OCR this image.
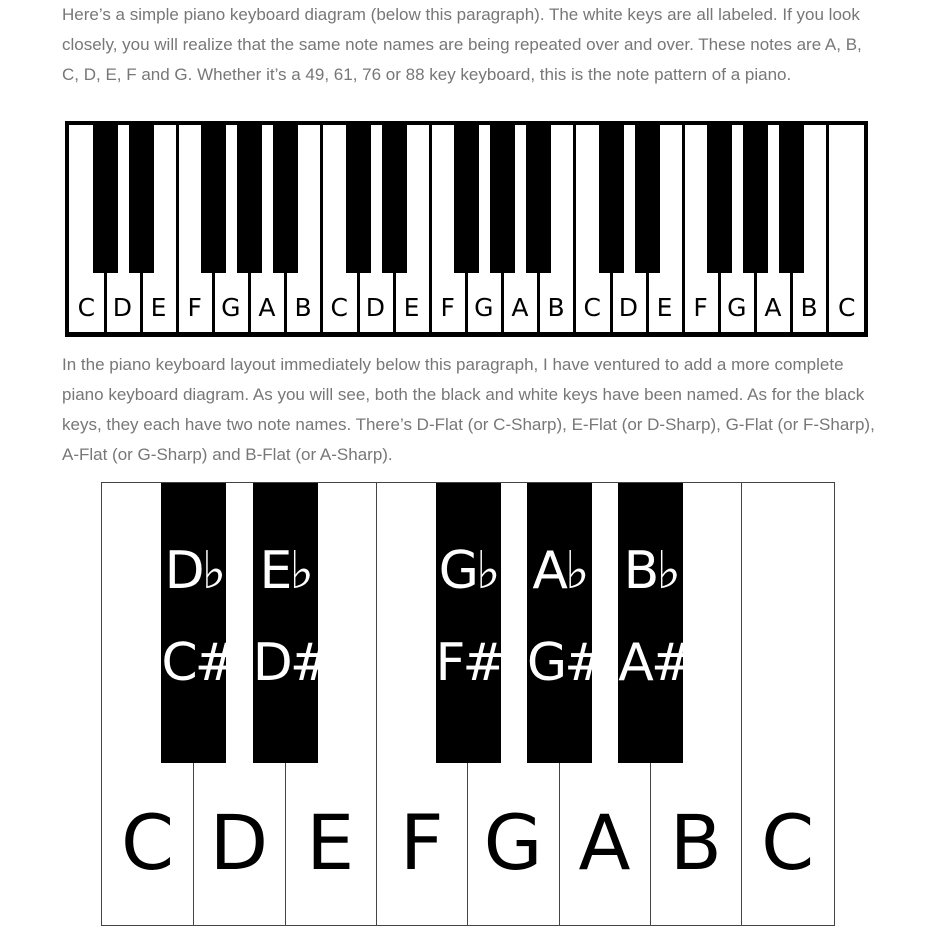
Here’s a simple piano keyboard diagram (below this paragraph). The white keys are all labeled. If you look closely, you will realize that the same note names are being repeated over and over. These notes are A, B, C, D, E, F and G. Whether it’s a 49, 61, 76 or 88 key keyboard, this is the note pattern of a piano.

C D E F G A B C D E F G A B C D E F G A B C

In the piano keyboard layout immediately below this paragraph, I have ventured to add a more complete piano keyboard diagram. As you will see, both the black and white keys have been named. As for the black keys, they each have two note names. There’s D-Flat (or C-Sharp), E-Flat (or D-Sharp), G-Flat (or F-Sharp), A-Flat (or G-Sharp) and B-Flat (or A-Sharp).

C D E F G A B C
D♭
C#
E♭
D#
G♭
F#
A♭
G#
B♭
A#
